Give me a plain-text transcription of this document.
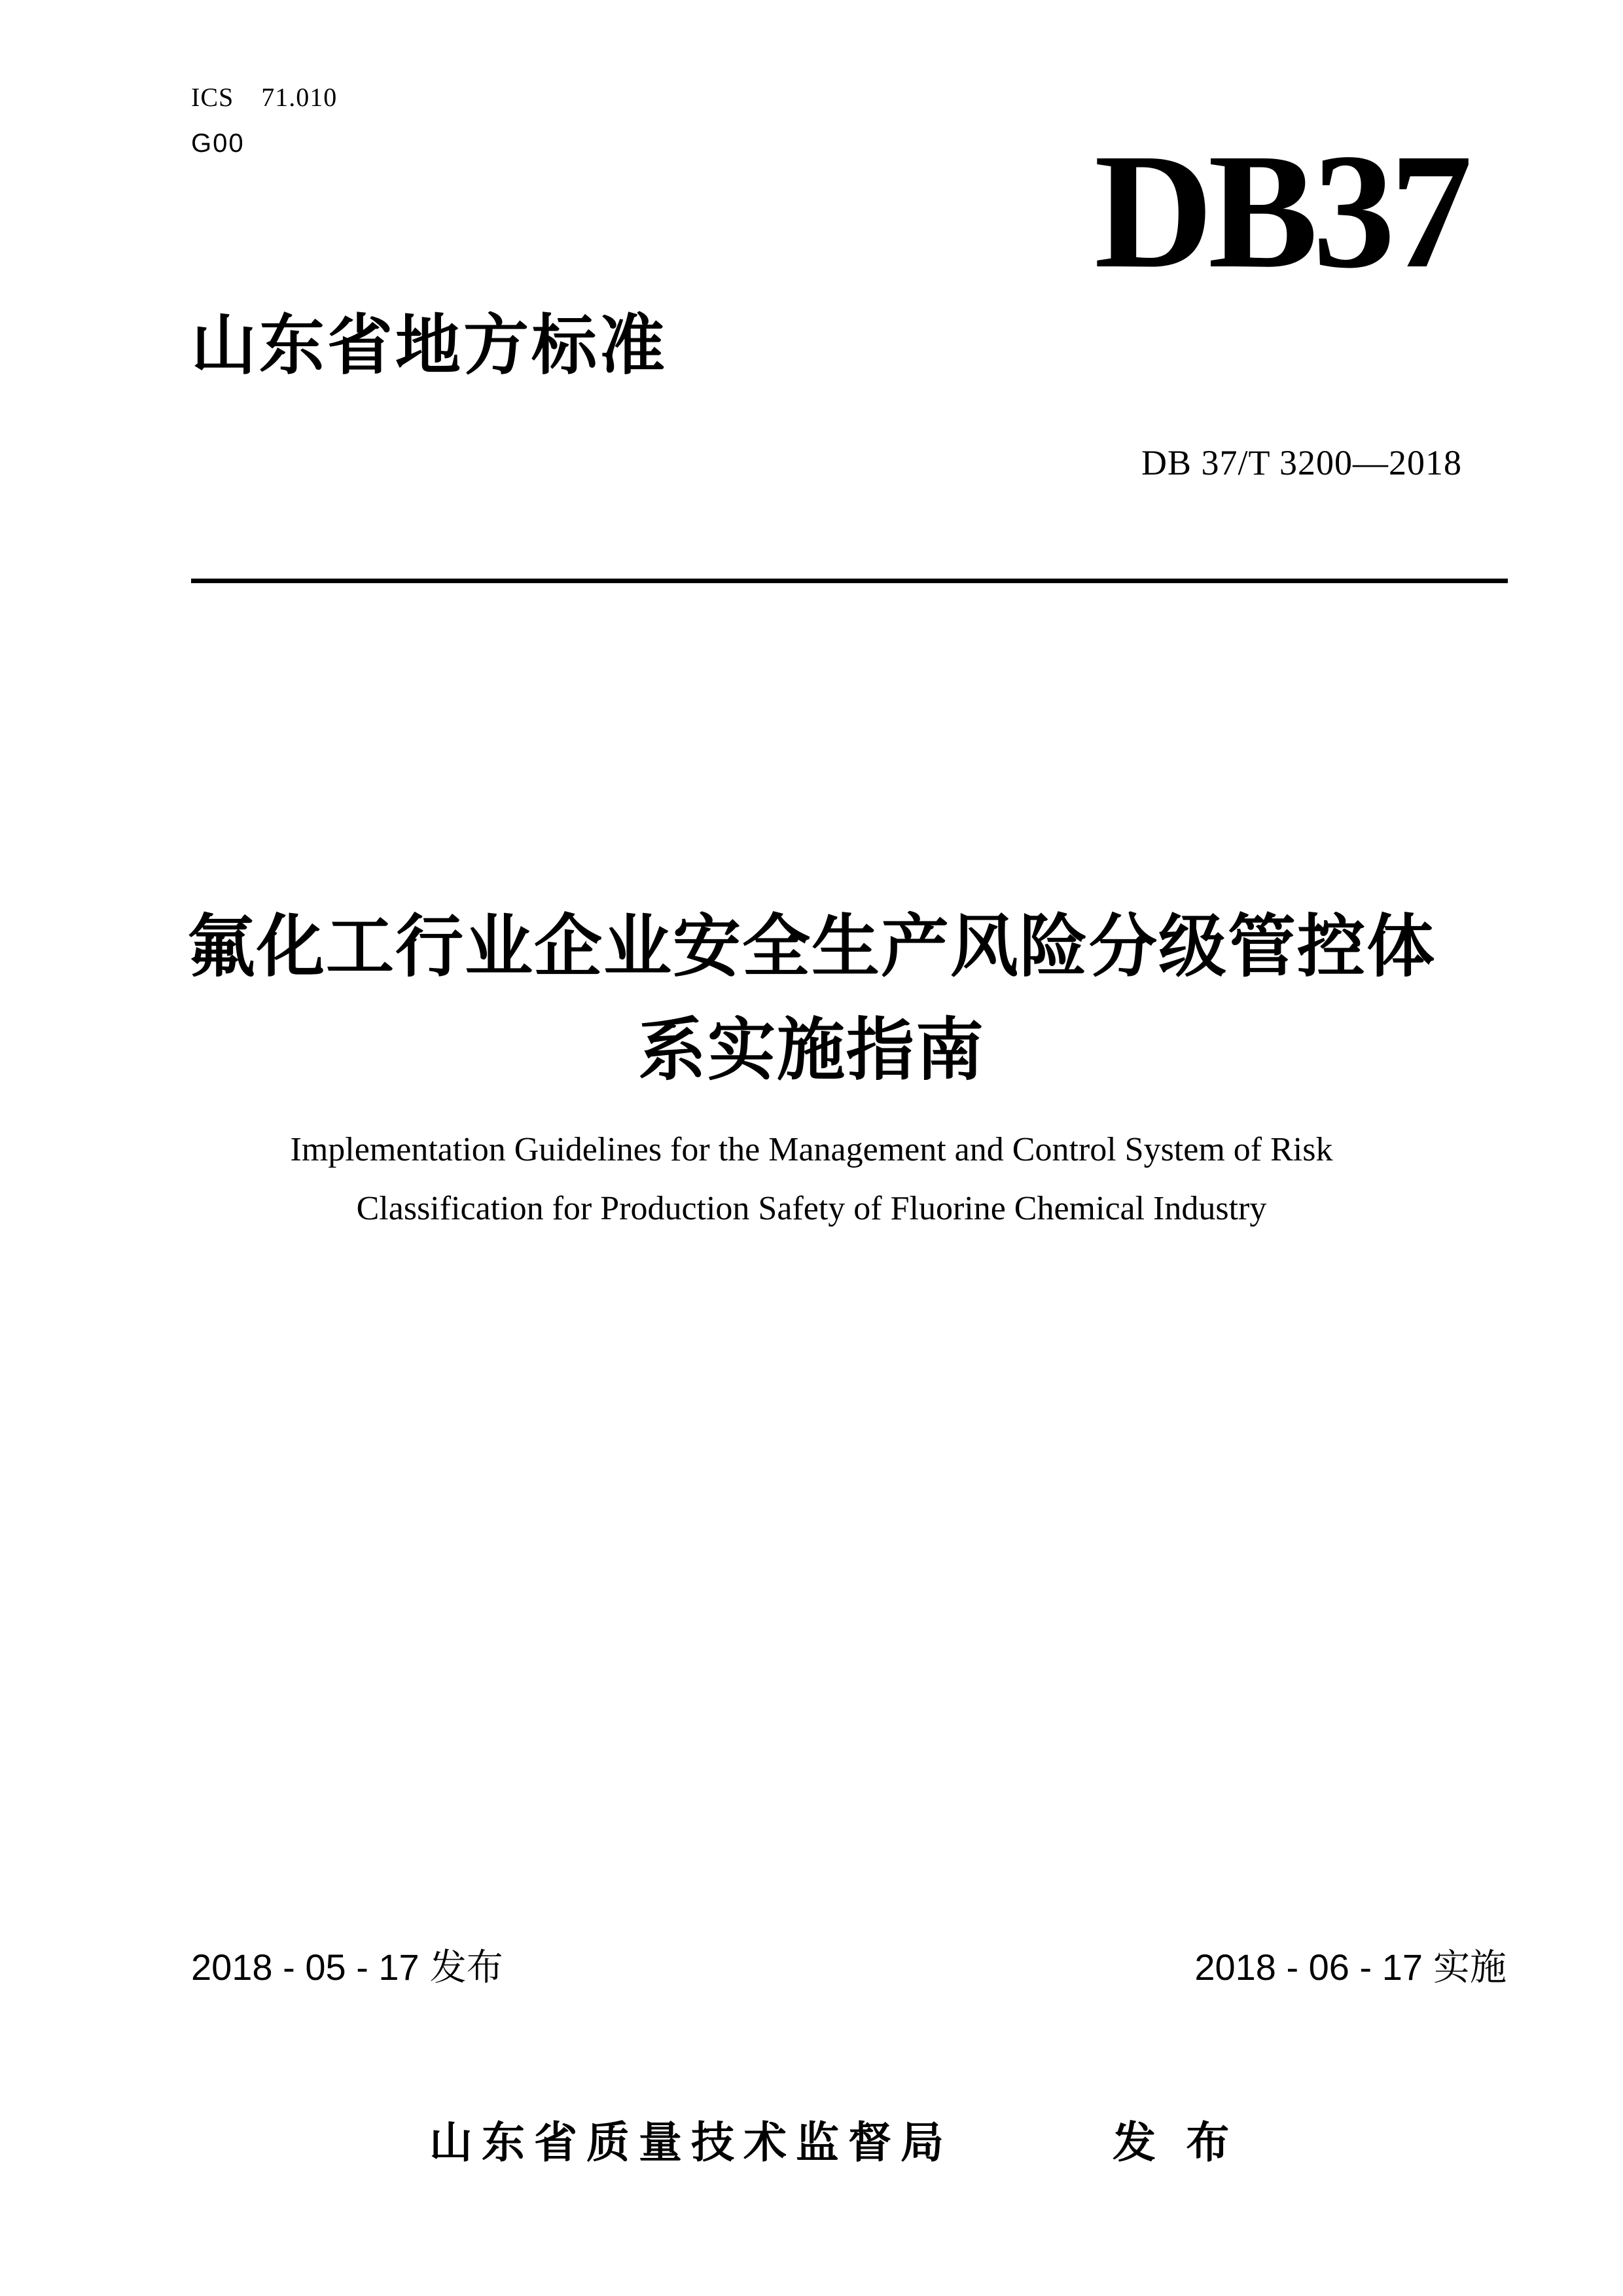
ICS 71.010
G00	DB37
山东省地方标准
DB 37/T 3200—2018
氟化工行业企业安全生产风险分级管控体
系实施指南
Implementation Guidelines for the Management and Control System of Risk
Classification for Production Safety of Fluorine Chemical Industry
2018 - 05 - 17 发布	2018 - 06 - 17 实施
山东省质量技术监督局	发 布
